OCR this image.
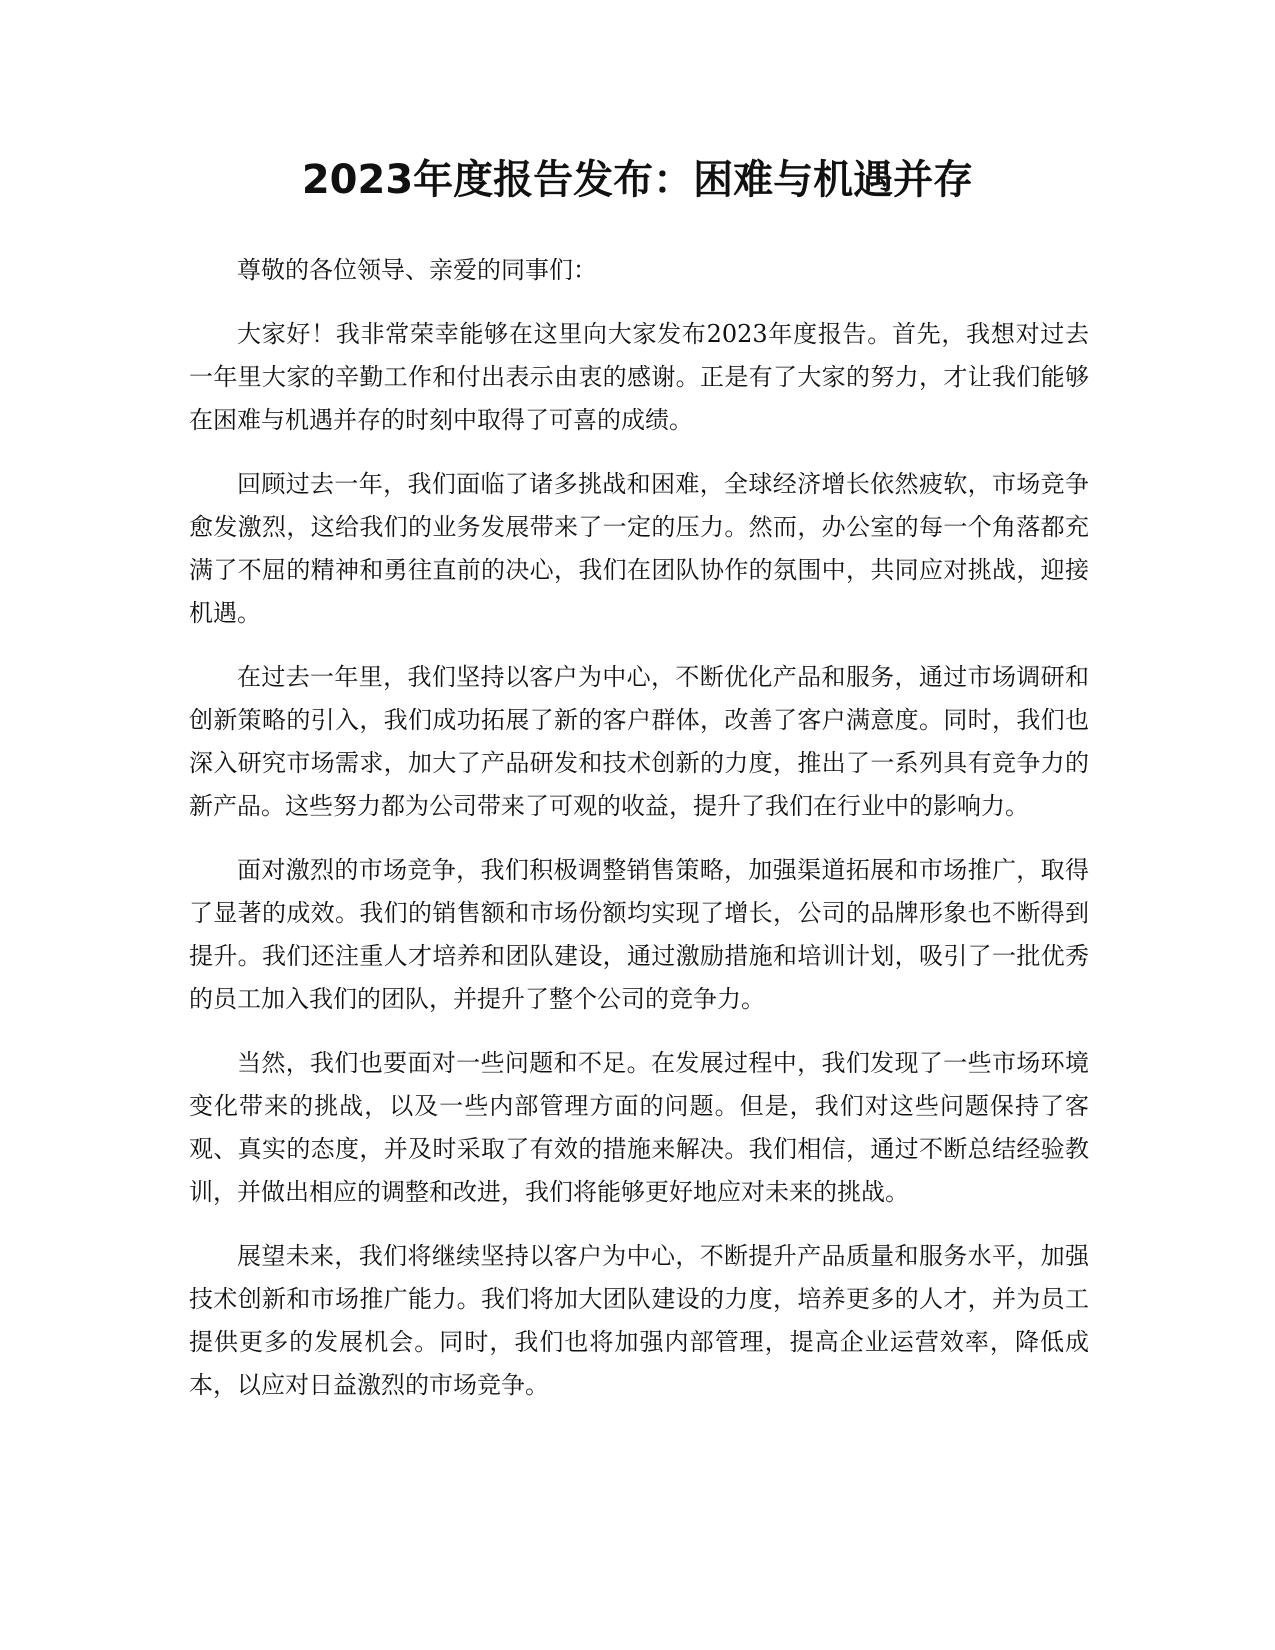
2023年度报告发布：困难与机遇并存

尊敬的各位领导、亲爱的同事们：

大家好！我非常荣幸能够在这里向大家发布2023年度报告。首先，我想对过去一年里大家的辛勤工作和付出表示由衷的感谢。正是有了大家的努力，才让我们能够在困难与机遇并存的时刻中取得了可喜的成绩。

回顾过去一年，我们面临了诸多挑战和困难，全球经济增长依然疲软，市场竞争愈发激烈，这给我们的业务发展带来了一定的压力。然而，办公室的每一个角落都充满了不屈的精神和勇往直前的决心，我们在团队协作的氛围中，共同应对挑战，迎接机遇。

在过去一年里，我们坚持以客户为中心，不断优化产品和服务，通过市场调研和创新策略的引入，我们成功拓展了新的客户群体，改善了客户满意度。同时，我们也深入研究市场需求，加大了产品研发和技术创新的力度，推出了一系列具有竞争力的新产品。这些努力都为公司带来了可观的收益，提升了我们在行业中的影响力。

面对激烈的市场竞争，我们积极调整销售策略，加强渠道拓展和市场推广，取得了显著的成效。我们的销售额和市场份额均实现了增长，公司的品牌形象也不断得到提升。我们还注重人才培养和团队建设，通过激励措施和培训计划，吸引了一批优秀的员工加入我们的团队，并提升了整个公司的竞争力。

当然，我们也要面对一些问题和不足。在发展过程中，我们发现了一些市场环境变化带来的挑战，以及一些内部管理方面的问题。但是，我们对这些问题保持了客观、真实的态度，并及时采取了有效的措施来解决。我们相信，通过不断总结经验教训，并做出相应的调整和改进，我们将能够更好地应对未来的挑战。

展望未来，我们将继续坚持以客户为中心，不断提升产品质量和服务水平，加强技术创新和市场推广能力。我们将加大团队建设的力度，培养更多的人才，并为员工提供更多的发展机会。同时，我们也将加强内部管理，提高企业运营效率，降低成本，以应对日益激烈的市场竞争。
